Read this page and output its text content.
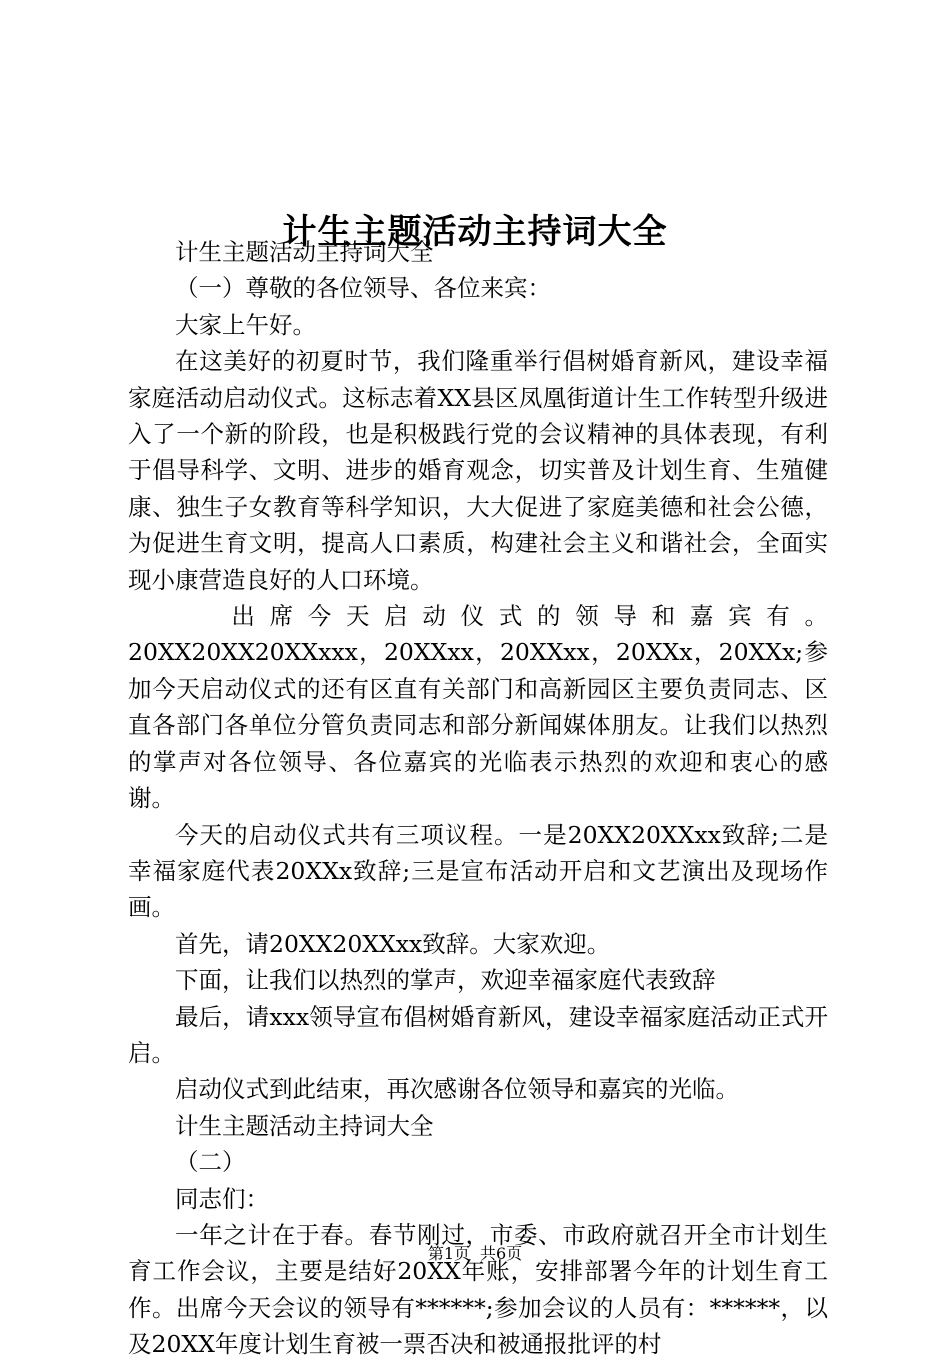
计生主题活动主持词大全

计生主题活动主持词大全

（一）尊敬的各位领导、各位来宾：

大家上午好。

在这美好的初夏时节，我们隆重举行倡树婚育新风，建设幸福家庭活动启动仪式。这标志着XX县区凤凰街道计生工作转型升级进入了一个新的阶段，也是积极践行党的会议精神的具体表现，有利于倡导科学、文明、进步的婚育观念，切实普及计划生育、生殖健康、独生子女教育等科学知识，大大促进了家庭美德和社会公德，为促进生育文明，提高人口素质，构建社会主义和谐社会，全面实现小康营造良好的人口环境。

出席今天启动仪式的领导和嘉宾有。

20XX20XX20XXxxx，20XXxx，20XXxx，20XXx，20XXx;参加今天启动仪式的还有区直有关部门和高新园区主要负责同志、区直各部门各单位分管负责同志和部分新闻媒体朋友。让我们以热烈的掌声对各位领导、各位嘉宾的光临表示热烈的欢迎和衷心的感谢。

今天的启动仪式共有三项议程。一是20XX20XXxx致辞;二是幸福家庭代表20XXx致辞;三是宣布活动开启和文艺演出及现场作画。

首先，请20XX20XXxx致辞。大家欢迎。

下面，让我们以热烈的掌声，欢迎幸福家庭代表致辞

最后，请xxx领导宣布倡树婚育新风，建设幸福家庭活动正式开启。

启动仪式到此结束，再次感谢各位领导和嘉宾的光临。

计生主题活动主持词大全

（二）

同志们：

一年之计在于春。春节刚过，市委、市政府就召开全市计划生育工作会议，主要是结好20XX年账，安排部署今年的计划生育工作。出席今天会议的领导有******;参加会议的人员有：******，以及20XX年度计划生育被一票否决和被通报批评的村

第1页 共6页
